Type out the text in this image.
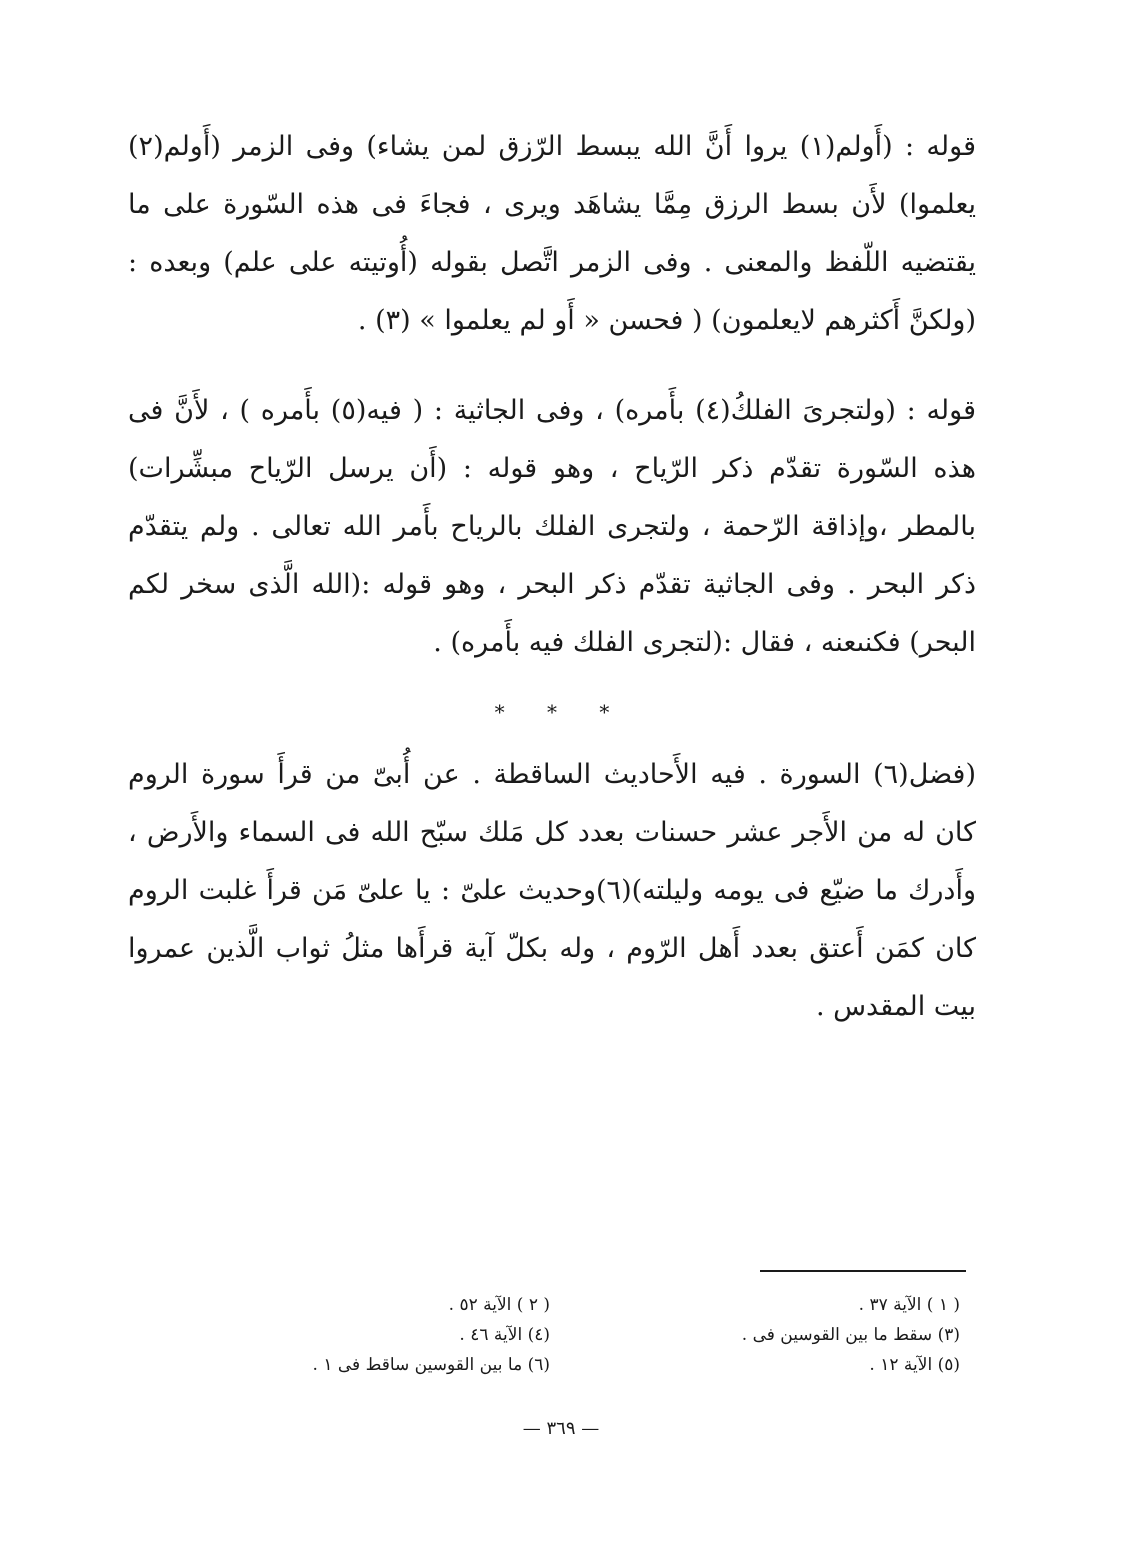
قوله : (أَولم(١) يروا أَنَّ الله يبسط الرّزق لمن يشاء) وفى الزمر (أَولم(٢) يعلموا) لأَن بسط الرزق مِمَّا يشاهَد ويرى ، فجاءَ فى هذه السّورة على ما يقتضيه اللّفظ والمعنى . وفى الزمر اتَّصل بقوله (أُوتيته على علم) وبعده : (ولكنَّ أَكثرهم لايعلمون) ( فحسن « أَو لم يعلموا » (٣) .

قوله : (ولتجرىَ الفلكُ(٤) بأَمره) ، وفى الجاثية : ( فيه(٥) بأَمره ) ، لأَنَّ فى هذه السّورة تقدّم ذكر الرّياح ، وهو قوله : (أَن يرسل الرّياح مبشِّرات) بالمطر ،وإذاقة الرّحمة ، ولتجرى الفلك بالرياح بأَمر الله تعالى . ولم يتقدّم ذكر البحر . وفى الجاثية تقدّم ذكر البحر ، وهو قوله :(الله الَّذى سخر لكم البحر) فكنىعنه ، فقال :(لتجرى الفلك فيه بأَمره) .

* * *

(فضل(٦) السورة . فيه الأَحاديث الساقطة . عن أُبىّ من قرأَ سورة الروم كان له من الأَجر عشر حسنات بعدد كل مَلك سبّح الله فى السماء والأَرض ، وأَدرك ما ضيّع فى يومه وليلته)(٦)وحديث علىّ : يا علىّ مَن قرأَ غلبت الروم كان كمَن أَعتق بعدد أَهل الرّوم ، وله بكلّ آية قرأَها مثلُ ثواب الَّذين عمروا بيت المقدس .

( ١ ) الآية ٣٧ .
( ٢ ) الآية ٥٢ .
(٣) سقط ما بين القوسين فى .
(٤) الآية ٤٦ .
(٥) الآية ١٢ .
(٦) ما بين القوسين ساقط فى ١ .
— ٣٦٩ —
